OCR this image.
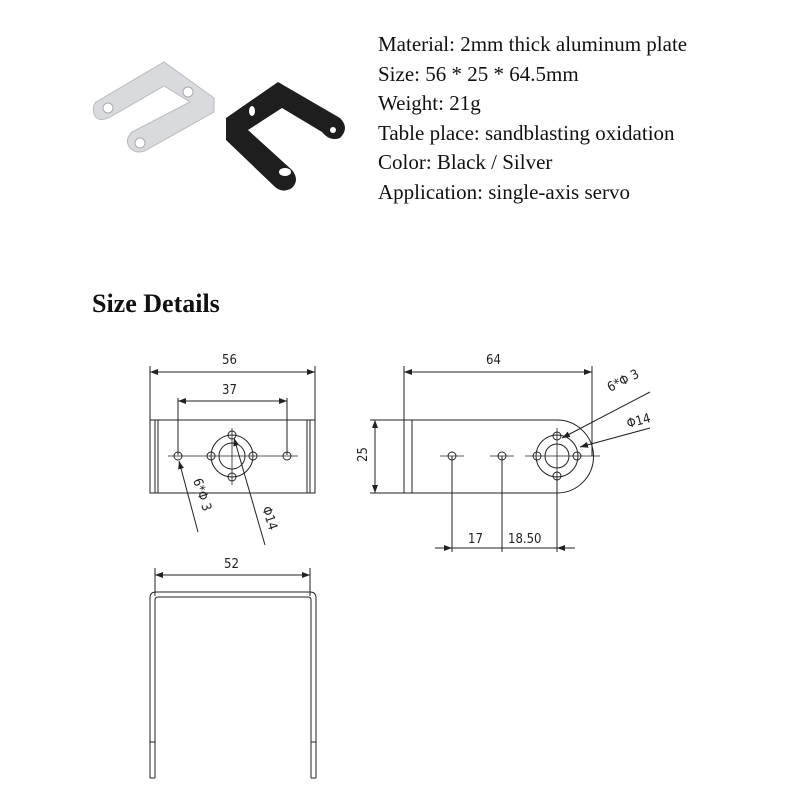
56
37
6*Φ 3
Φ14
64
25
6*Φ 3
Φ14
17 18.50
52
Material: 2mm thick aluminum plate
Size: 56 * 25 * 64.5mm
Weight: 21g
Table place: sandblasting oxidation
Color: Black / Silver
Application: single-axis servo
Size Details
